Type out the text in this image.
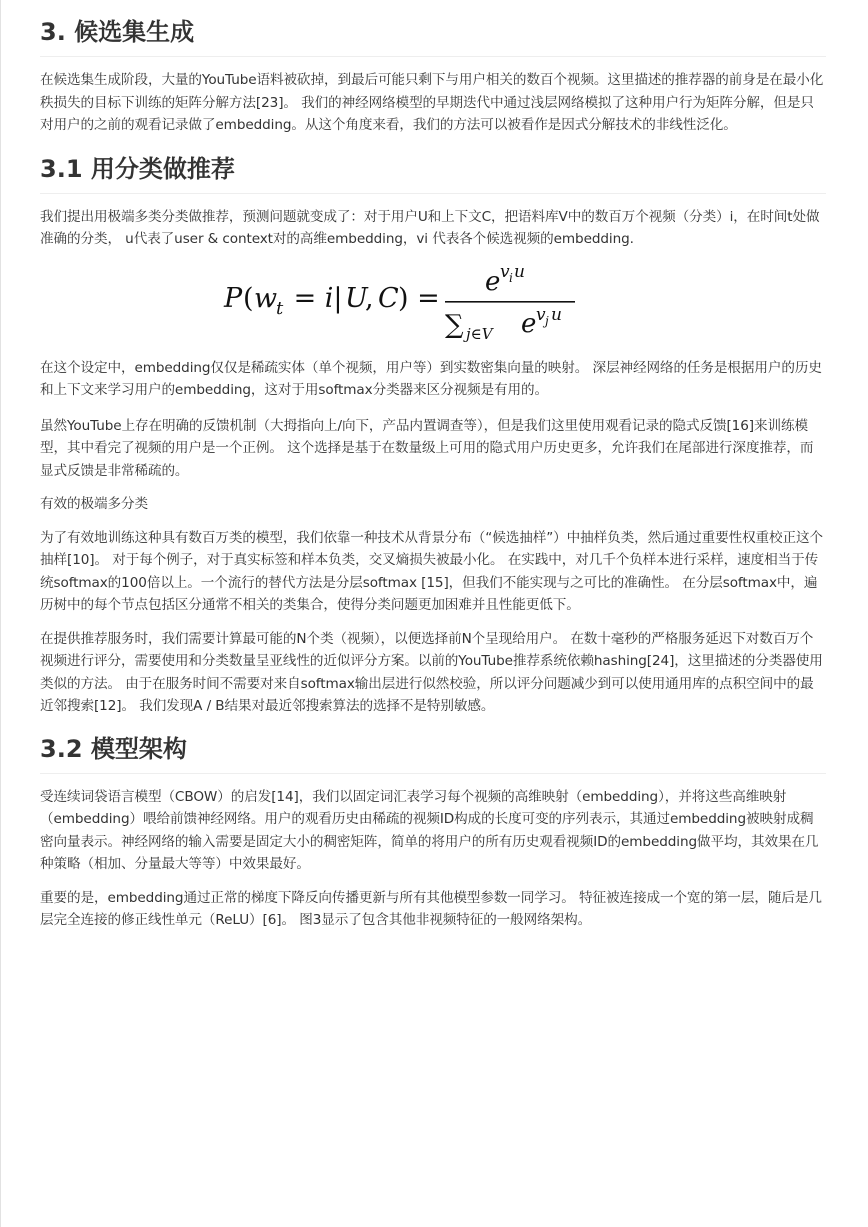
3. 候选集生成

在候选集生成阶段，大量的YouTube语料被砍掉，到最后可能只剩下与用户相关的数百个视频。这里描述的推荐器的前身是在最小化秩损失的目标下训练的矩阵分解方法[23]。 我们的神经网络模型的早期迭代中通过浅层网络模拟了这种用户行为矩阵分解，但是只对用户的之前的观看记录做了embedding。从这个角度来看，我们的方法可以被看作是因式分解技术的非线性泛化。

3.1 用分类做推荐

我们提出用极端多类分类做推荐，预测问题就变成了：对于用户U和上下文C，把语料库V中的数百万个视频（分类）i，在时间t处做准确的分类， u代表了user & context对的高维embedding，vi 代表各个候选视频的embedding.

P ( w
t = i| U
,
C ) =
e v i u
∑ j∈V e v j u

在这个设定中，embedding仅仅是稀疏实体（单个视频，用户等）到实数密集向量的映射。 深层神经网络的任务是根据用户的历史和上下文来学习用户的embedding，这对于用softmax分类器来区分视频是有用的。

虽然YouTube上存在明确的反馈机制（大拇指向上/向下，产品内置调查等），但是我们这里使用观看记录的隐式反馈[16]来训练模型，其中看完了视频的用户是一个正例。 这个选择是基于在数量级上可用的隐式用户历史更多，允许我们在尾部进行深度推荐，而显式反馈是非常稀疏的。

有效的极端多分类

为了有效地训练这种具有数百万类的模型，我们依靠一种技术从背景分布（“候选抽样”）中抽样负类，然后通过重要性权重校正这个抽样[10]。 对于每个例子，对于真实标签和样本负类，交叉熵损失被最小化。 在实践中，对几千个负样本进行采样，速度相当于传统softmax的100倍以上。一个流行的替代方法是分层softmax [15]，但我们不能实现与之可比的准确性。 在分层softmax中，遍历树中的每个节点包括区分通常不相关的类集合，使得分类问题更加困难并且性能更低下。

在提供推荐服务时，我们需要计算最可能的N个类（视频），以便选择前N个呈现给用户。 在数十毫秒的严格服务延迟下对数百万个视频进行评分，需要使用和分类数量呈亚线性的近似评分方案。以前的YouTube推荐系统依赖hashing[24]，这里描述的分类器使用类似的方法。 由于在服务时间不需要对来自softmax输出层进行似然校验，所以评分问题减少到可以使用通用库的点积空间中的最近邻搜索[12]。 我们发现A / B结果对最近邻搜索算法的选择不是特别敏感。

3.2 模型架构

受连续词袋语言模型（CBOW）的启发[14]，我们以固定词汇表学习每个视频的高维映射（embedding），并将这些高维映射（embedding）喂给前馈神经网络。用户的观看历史由稀疏的视频ID构成的长度可变的序列表示，其通过embedding被映射成稠密向量表示。神经网络的输入需要是固定大小的稠密矩阵，简单的将用户的所有历史观看视频ID的embedding做平均，其效果在几种策略（相加、分量最大等等）中效果最好。

重要的是，embedding通过正常的梯度下降反向传播更新与所有其他模型参数一同学习。 特征被连接成一个宽的第一层，随后是几层完全连接的修正线性单元（ReLU）[6]。 图3显示了包含其他非视频特征的一般网络架构。
